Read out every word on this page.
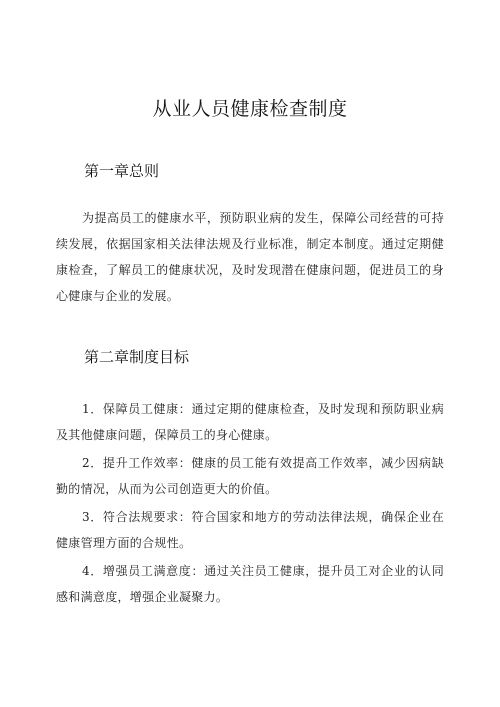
从业人员健康检查制度
第一章总则

为提高员工的健康水平，预防职业病的发生，保障公司经营的可持续发展，依据国家相关法律法规及行业标准，制定本制度。通过定期健康检查，了解员工的健康状况，及时发现潜在健康问题，促进员工的身心健康与企业的发展。

第二章制度目标

1．保障员工健康：通过定期的健康检查，及时发现和预防职业病及其他健康问题，保障员工的身心健康。

2．提升工作效率：健康的员工能有效提高工作效率，减少因病缺勤的情况，从而为公司创造更大的价值。

3．符合法规要求：符合国家和地方的劳动法律法规，确保企业在健康管理方面的合规性。

4．增强员工满意度：通过关注员工健康，提升员工对企业的认同感和满意度，增强企业凝聚力。
